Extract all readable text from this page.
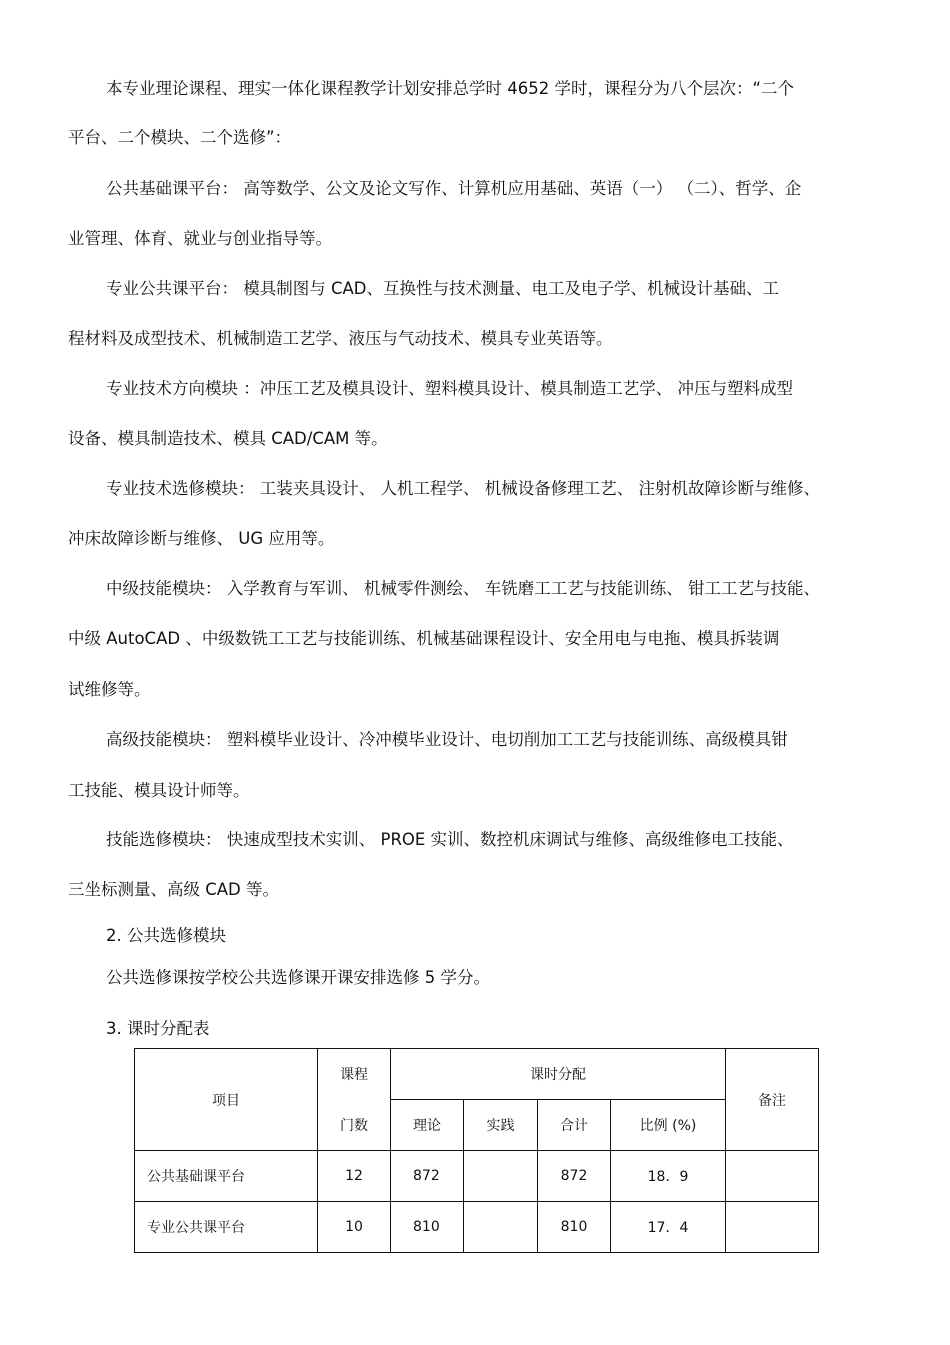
本专业理论课程、理实一体化课程教学计划安排总学时 4652 学时，课程分为八个层次：“二个
平台、二个模块、二个选修”：
公共基础课平台： 高等数学、公文及论文写作、计算机应用基础、英语（一） （二）、哲学、企
业管理、体育、就业与创业指导等。
专业公共课平台： 模具制图与 CAD、互换性与技术测量、电工及电子学、机械设计基础、工
程材料及成型技术、机械制造工艺学、液压与气动技术、模具专业英语等。
专业技术方向模块 ：冲压工艺及模具设计、塑料模具设计、模具制造工艺学、 冲压与塑料成型
设备、模具制造技术、模具 CAD/CAM 等。
专业技术选修模块： 工装夹具设计、 人机工程学、 机械设备修理工艺、 注射机故障诊断与维修、
冲床故障诊断与维修、 UG 应用等。
中级技能模块： 入学教育与军训、 机械零件测绘、 车铣磨工工艺与技能训练、 钳工工艺与技能、
中级 AutoCAD 、中级数铣工工艺与技能训练、机械基础课程设计、安全用电与电拖、模具拆装调
试维修等。
高级技能模块： 塑料模毕业设计、冷冲模毕业设计、电切削加工工艺与技能训练、高级模具钳
工技能、模具设计师等。
技能选修模块： 快速成型技术实训、 PROE 实训、数控机床调试与维修、高级维修电工技能、
三坐标测量、高级 CAD 等。
2. 公共选修模块
公共选修课按学校公共选修课开课安排选修 5 学分。
3. 课时分配表
项目	课程	课时分配				备注
	门数	理论	实践	合计	比例 (%)	
公共基础课平台	12	872		872	18．9	
专业公共课平台	10	810		810	17．4	
